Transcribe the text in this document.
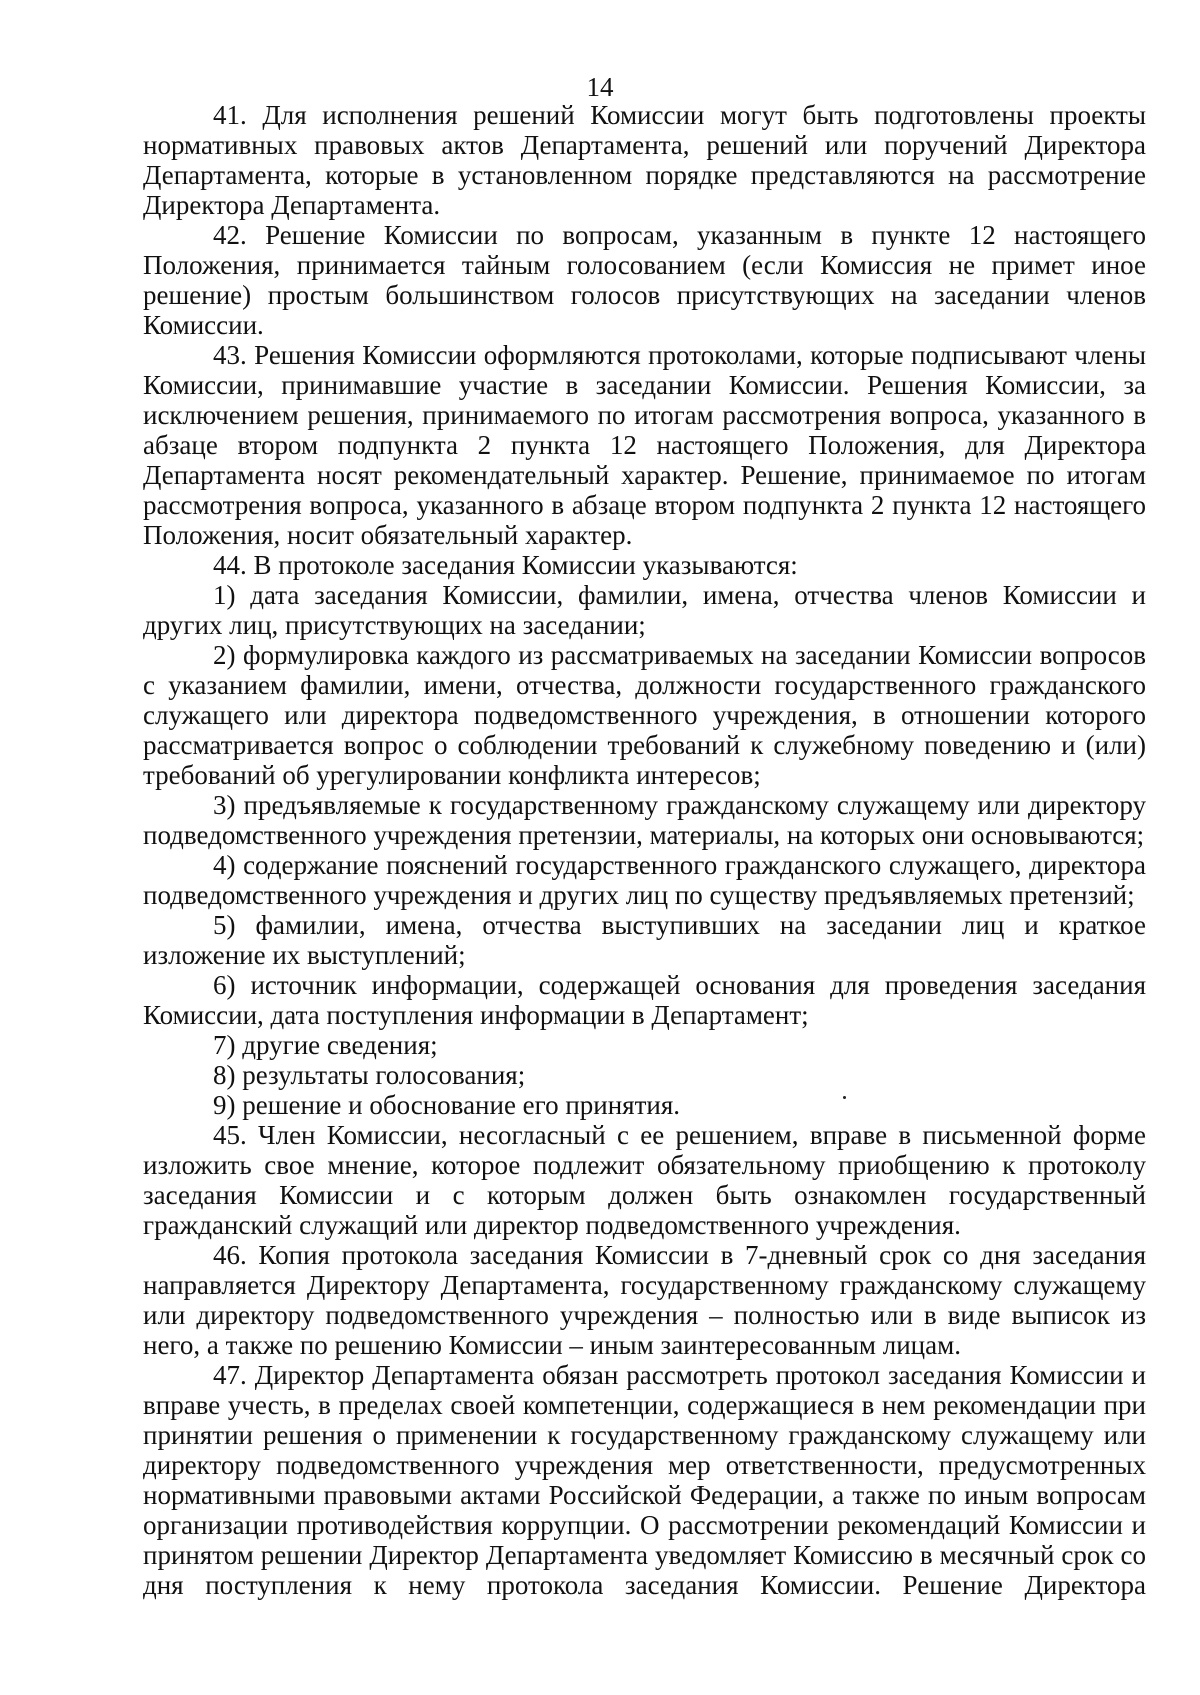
14

41. Для исполнения решений Комиссии могут быть подготовлены проекты нормативных правовых актов Департамента, решений или поручений Директора Департамента, которые в установленном порядке представляются на рассмотрение Директора Департамента.

42. Решение Комиссии по вопросам, указанным в пункте 12 настоящего Положения, принимается тайным голосованием (если Комиссия не примет иное решение) простым большинством голосов присутствующих на заседании членов Комиссии.

43. Решения Комиссии оформляются протоколами, которые подписывают члены Комиссии, принимавшие участие в заседании Комиссии. Решения Комиссии, за исключением решения, принимаемого по итогам рассмотрения вопроса, указанного в абзаце втором подпункта 2 пункта 12 настоящего Положения, для Директора Департамента носят рекомендательный характер. Решение, принимаемое по итогам рассмотрения вопроса, указанного в абзаце втором подпункта 2 пункта 12 настоящего Положения, носит обязательный характер.

44. В протоколе заседания Комиссии указываются:

1) дата заседания Комиссии, фамилии, имена, отчества членов Комиссии и других лиц, присутствующих на заседании;

2) формулировка каждого из рассматриваемых на заседании Комиссии вопросов с указанием фамилии, имени, отчества, должности государственного гражданского служащего или директора подведомственного учреждения, в отношении которого рассматривается вопрос о соблюдении требований к служебному поведению и (или) требований об урегулировании конфликта интересов;

3) предъявляемые к государственному гражданскому служащему или директору подведомственного учреждения претензии, материалы, на которых они основываются;

4) содержание пояснений государственного гражданского служащего, директора подведомственного учреждения и других лиц по существу предъявляемых претензий;

5) фамилии, имена, отчества выступивших на заседании лиц и краткое изложение их выступлений;

6) источник информации, содержащей основания для проведения заседания Комиссии, дата поступления информации в Департамент;

7) другие сведения;

8) результаты голосования;

9) решение и обоснование его принятия.

45. Член Комиссии, несогласный с ее решением, вправе в письменной форме изложить свое мнение, которое подлежит обязательному приобщению к протоколу заседания Комиссии и с которым должен быть ознакомлен государственный гражданский служащий или директор подведомственного учреждения.

46. Копия протокола заседания Комиссии в 7-дневный срок со дня заседания направляется Директору Департамента, государственному гражданскому служащему или директору подведомственного учреждения – полностью или в виде выписок из него, а также по решению Комиссии – иным заинтересованным лицам.

47. Директор Департамента обязан рассмотреть протокол заседания Комиссии и вправе учесть, в пределах своей компетенции, содержащиеся в нем рекомендации при принятии решения о применении к государственному гражданскому служащему или директору подведомственного учреждения мер ответственности, предусмотренных нормативными правовыми актами Российской Федерации, а также по иным вопросам организации противодействия коррупции. О рассмотрении рекомендаций Комиссии и принятом решении Директор Департамента уведомляет Комиссию в месячный срок со дня поступления к нему протокола заседания Комиссии. Решение Директора
